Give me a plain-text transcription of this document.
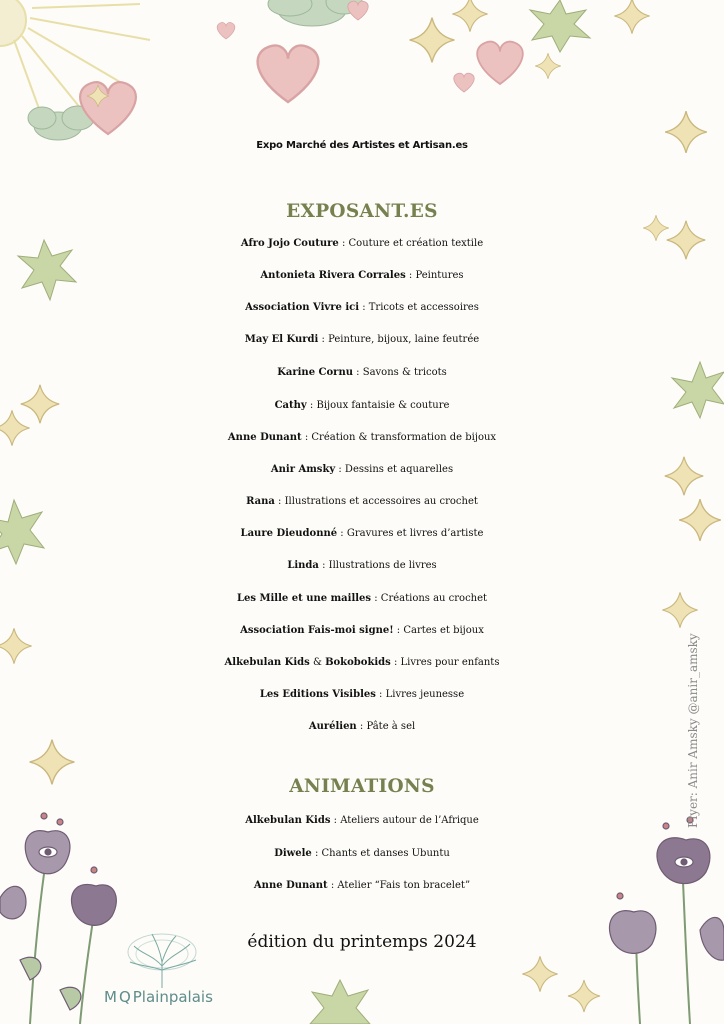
Expo Marché des Artistes et Artisan.es
EXPOSANT.ES
Afro Jojo Couture : Couture et création textile
Antonieta Rivera Corrales : Peintures
Association Vivre ici : Tricots et accessoires
May El Kurdi : Peinture, bijoux, laine feutrée
Karine Cornu : Savons & tricots
Cathy : Bijoux fantaisie & couture
Anne Dunant : Création & transformation de bijoux
Anir Amsky : Dessins et aquarelles
Rana : Illustrations et accessoires au crochet
Laure Dieudonné : Gravures et livres d’artiste
Linda : Illustrations de livres
Les Mille et une mailles : Créations au crochet
Association Fais-moi signe! : Cartes et bijoux
Alkebulan Kids & Bokobokids : Livres pour enfants
Les Editions Visibles : Livres jeunesse
Aurélien : Pâte à sel
ANIMATIONS
Alkebulan Kids : Ateliers autour de l’Afrique
Diwele : Chants et danses Ubuntu
Anne Dunant : Atelier “Fais ton bracelet”
édition du printemps 2024
Flyer: Anir Amsky @anir_amsky
MQPlainpalais
